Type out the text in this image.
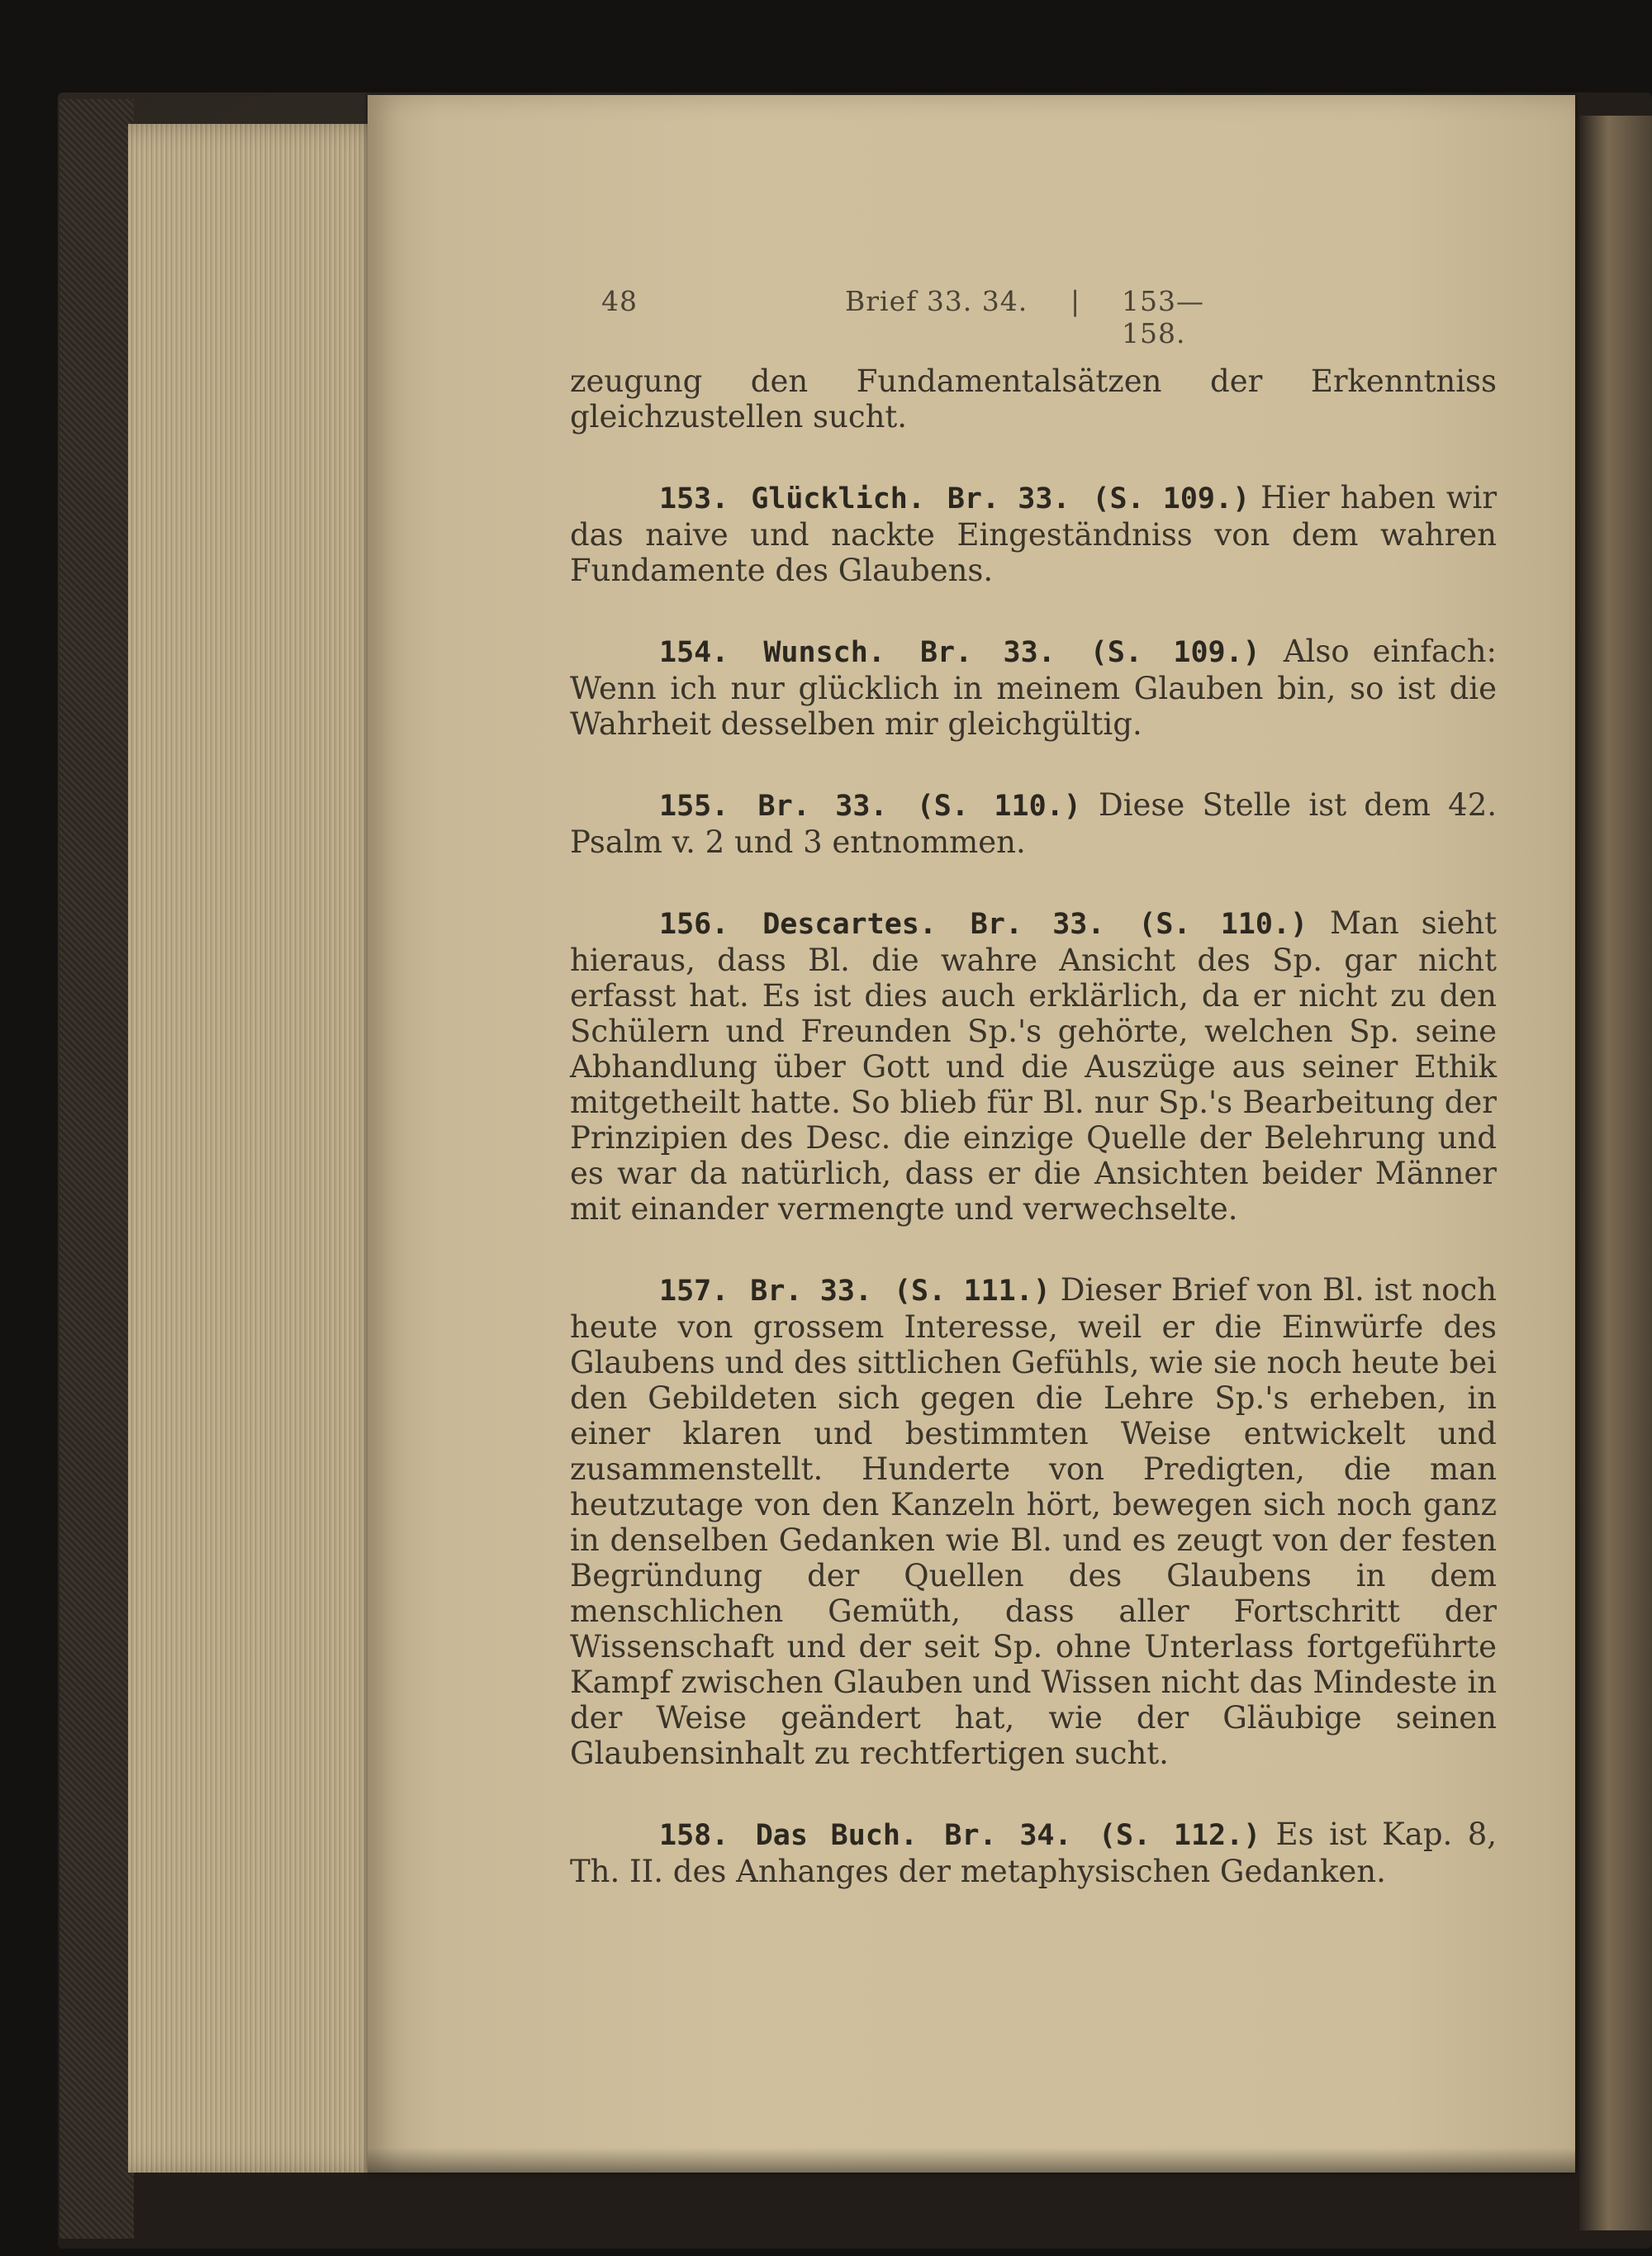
48	Brief 33. 34. | 153—158.

zeugung den Fundamentalsätzen der Erkenntniss gleichzustellen sucht.

153. Glücklich. Br. 33. (S. 109.) Hier haben wir das naive und nackte Eingeständniss von dem wahren Fundamente des Glaubens.

154. Wunsch. Br. 33. (S. 109.) Also einfach: Wenn ich nur glücklich in meinem Glauben bin, so ist die Wahrheit desselben mir gleichgültig.

155. Br. 33. (S. 110.) Diese Stelle ist dem 42. Psalm v. 2 und 3 entnommen.

156. Descartes. Br. 33. (S. 110.) Man sieht hieraus, dass Bl. die wahre Ansicht des Sp. gar nicht erfasst hat. Es ist dies auch erklärlich, da er nicht zu den Schülern und Freunden Sp.'s gehörte, welchen Sp. seine Abhandlung über Gott und die Auszüge aus seiner Ethik mitgetheilt hatte. So blieb für Bl. nur Sp.'s Bearbeitung der Prinzipien des Desc. die einzige Quelle der Belehrung und es war da natürlich, dass er die Ansichten beider Männer mit einander vermengte und verwechselte.

157. Br. 33. (S. 111.) Dieser Brief von Bl. ist noch heute von grossem Interesse, weil er die Einwürfe des Glaubens und des sittlichen Gefühls, wie sie noch heute bei den Gebildeten sich gegen die Lehre Sp.'s erheben, in einer klaren und bestimmten Weise entwickelt und zusammenstellt. Hunderte von Predigten, die man heutzutage von den Kanzeln hört, bewegen sich noch ganz in denselben Gedanken wie Bl. und es zeugt von der festen Begründung der Quellen des Glaubens in dem menschlichen Gemüth, dass aller Fortschritt der Wissenschaft und der seit Sp. ohne Unterlass fortgeführte Kampf zwischen Glauben und Wissen nicht das Mindeste in der Weise geändert hat, wie der Gläubige seinen Glaubensinhalt zu rechtfertigen sucht.

158. Das Buch. Br. 34. (S. 112.) Es ist Kap. 8, Th. II. des Anhanges der metaphysischen Gedanken.
